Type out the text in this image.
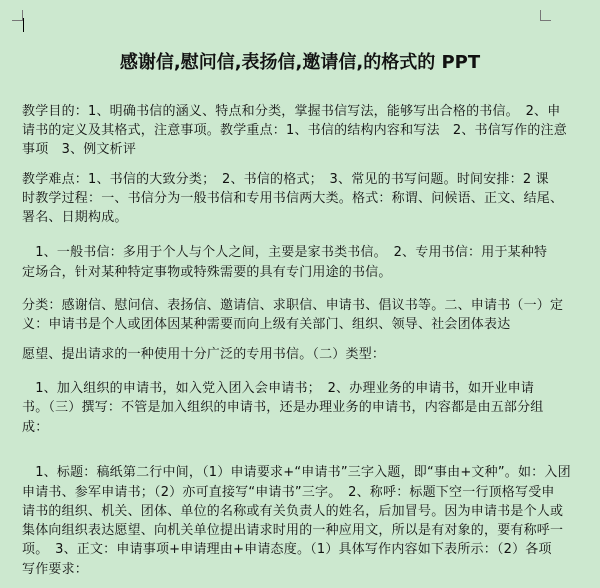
感谢信,慰问信,表扬信,邀请信,的格式的 PPT
教学目的：1、明确书信的涵义、特点和分类，掌握书信写法，能够写出合格的书信。　2、申
请书的定义及其格式，注意事项。教学重点：1、书信的结构内容和写法　2、书信写作的注意
事项　3、例文析评
教学难点：1、书信的大致分类；　2、书信的格式；　3、常见的书写问题。时间安排：2 课
时教学过程：一、书信分为一般书信和专用书信两大类。格式：称谓、问候语、正文、结尾、
署名、日期构成。
　1、一般书信：多用于个人与个人之间，主要是家书类书信。　2、专用书信：用于某种特
定场合，针对某种特定事物或特殊需要的具有专门用途的书信。
分类：感谢信、慰问信、表扬信、邀请信、求职信、申请书、倡议书等。二、申请书（一）定
义：申请书是个人或团体因某种需要而向上级有关部门、组织、领导、社会团体表达
愿望、提出请求的一种使用十分广泛的专用书信。（二）类型：
　1、加入组织的申请书，如入党入团入会申请书；　2、办理业务的申请书，如开业申请
书。（三）撰写：不管是加入组织的申请书，还是办理业务的申请书，内容都是由五部分组
成：
　1、标题：稿纸第二行中间，（1）申请要求+“申请书”三字入题，即“事由+文种”。如：入团
申请书、参军申请书；（2）亦可直接写“申请书”三字。　2、称呼：标题下空一行顶格写受申
请书的组织、机关、团体、单位的名称或有关负责人的姓名，后加冒号。因为申请书是个人或
集体向组织表达愿望、向机关单位提出请求时用的一种应用文，所以是有对象的，要有称呼一
项。　3、正文：申请事项+申请理由+申请态度。（1）具体写作内容如下表所示：（2）各项
写作要求：
